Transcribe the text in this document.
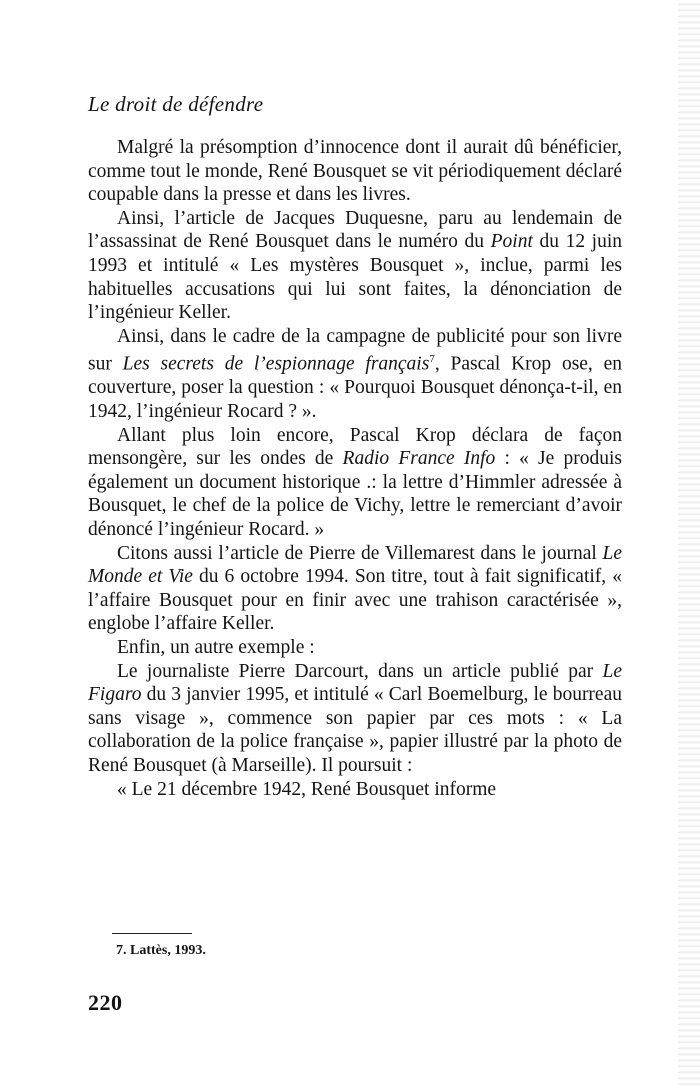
Le droit de défendre

Malgré la présomption d’innocence dont il aurait dû bénéficier, comme tout le monde, René Bousquet se vit périodiquement déclaré coupable dans la presse et dans les livres.

Ainsi, l’article de Jacques Duquesne, paru au lendemain de l’assassinat de René Bousquet dans le numéro du Point du 12 juin 1993 et intitulé « Les mystères Bousquet », inclue, parmi les habituelles accusations qui lui sont faites, la dénonciation de l’ingénieur Keller.

Ainsi, dans le cadre de la campagne de publicité pour son livre sur Les secrets de l’espionnage français$^7$, Pascal Krop ose, en couverture, poser la question : « Pourquoi Bousquet dénonça-t-il, en 1942, l’ingénieur Rocard ? ».

Allant plus loin encore, Pascal Krop déclara de façon mensongère, sur les ondes de Radio France Info : « Je produis également un document historique .: la lettre d’Himmler adressée à Bousquet, le chef de la police de Vichy, lettre le remerciant d’avoir dénoncé l’ingénieur Rocard. »

Citons aussi l’article de Pierre de Villemarest dans le journal Le Monde et Vie du 6 octobre 1994. Son titre, tout à fait significatif, « l’affaire Bousquet pour en finir avec une trahison caractérisée », englobe l’affaire Keller.

Enfin, un autre exemple :

Le journaliste Pierre Darcourt, dans un article publié par Le Figaro du 3 janvier 1995, et intitulé « Carl Boemelburg, le bourreau sans visage », commence son papier par ces mots : « La collaboration de la police française », papier illustré par la photo de René Bousquet (à Marseille). Il poursuit :

« Le 21 décembre 1942, René Bousquet informe

7. Lattès, 1993.
220
